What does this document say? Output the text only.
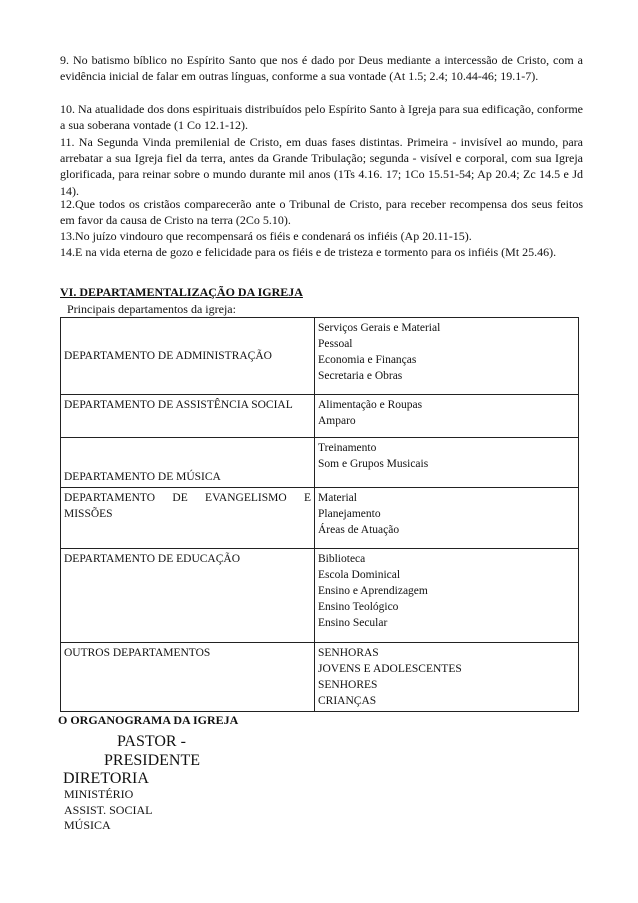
9. No batismo bíblico no Espírito Santo que nos é dado por Deus mediante a intercessão de Cristo, com a evidência inicial de falar em outras línguas, conforme a sua vontade (At 1.5; 2.4; 10.44-46; 19.1-7).

10. Na atualidade dos dons espirituais distribuídos pelo Espírito Santo à Igreja para sua edificação, conforme a sua soberana vontade (1 Co 12.1-12).

11. Na Segunda Vinda premilenial de Cristo, em duas fases distintas. Primeira - invisível ao mundo, para arrebatar a sua Igreja fiel da terra, antes da Grande Tribulação; segunda - visível e corporal, com sua Igreja glorificada, para reinar sobre o mundo durante mil anos (1Ts 4.16. 17; 1Co 15.51-54; Ap 20.4; Zc 14.5 e Jd 14).

12.Que todos os cristãos comparecerão ante o Tribunal de Cristo, para receber recompensa dos seus feitos em favor da causa de Cristo na terra (2Co 5.10).

13.No juízo vindouro que recompensará os fiéis e condenará os infiéis (Ap 20.11-15).

14.E na vida eterna de gozo e felicidade para os fiéis e de tristeza e tormento para os infiéis (Mt 25.46).

VI. DEPARTAMENTALIZAÇÃO DA IGREJA

Principais departamentos da igreja:

DEPARTAMENTO DE ADMINISTRAÇÃO	Serviços Gerais e Material
Pessoal
Economia e Finanças
Secretaria e Obras

DEPARTAMENTO DE ASSISTÊNCIA SOCIAL	Alimentação e Roupas
Amparo

DEPARTAMENTO DE MÚSICA	Treinamento
Som e Grupos Musicais

DEPARTAMENTO DE EVANGELISMO E MISSÕES	Material
Planejamento
Áreas de Atuação

DEPARTAMENTO DE EDUCAÇÃO	Biblioteca
Escola Dominical
Ensino e Aprendizagem
Ensino Teológico
Ensino Secular

OUTROS DEPARTAMENTOS	SENHORAS
JOVENS E ADOLESCENTES
SENHORES
CRIANÇAS

O ORGANOGRAMA DA IGREJA

PASTOR -

PRESIDENTE

DIRETORIA

MINISTÉRIO

ASSIST. SOCIAL

MÚSICA
